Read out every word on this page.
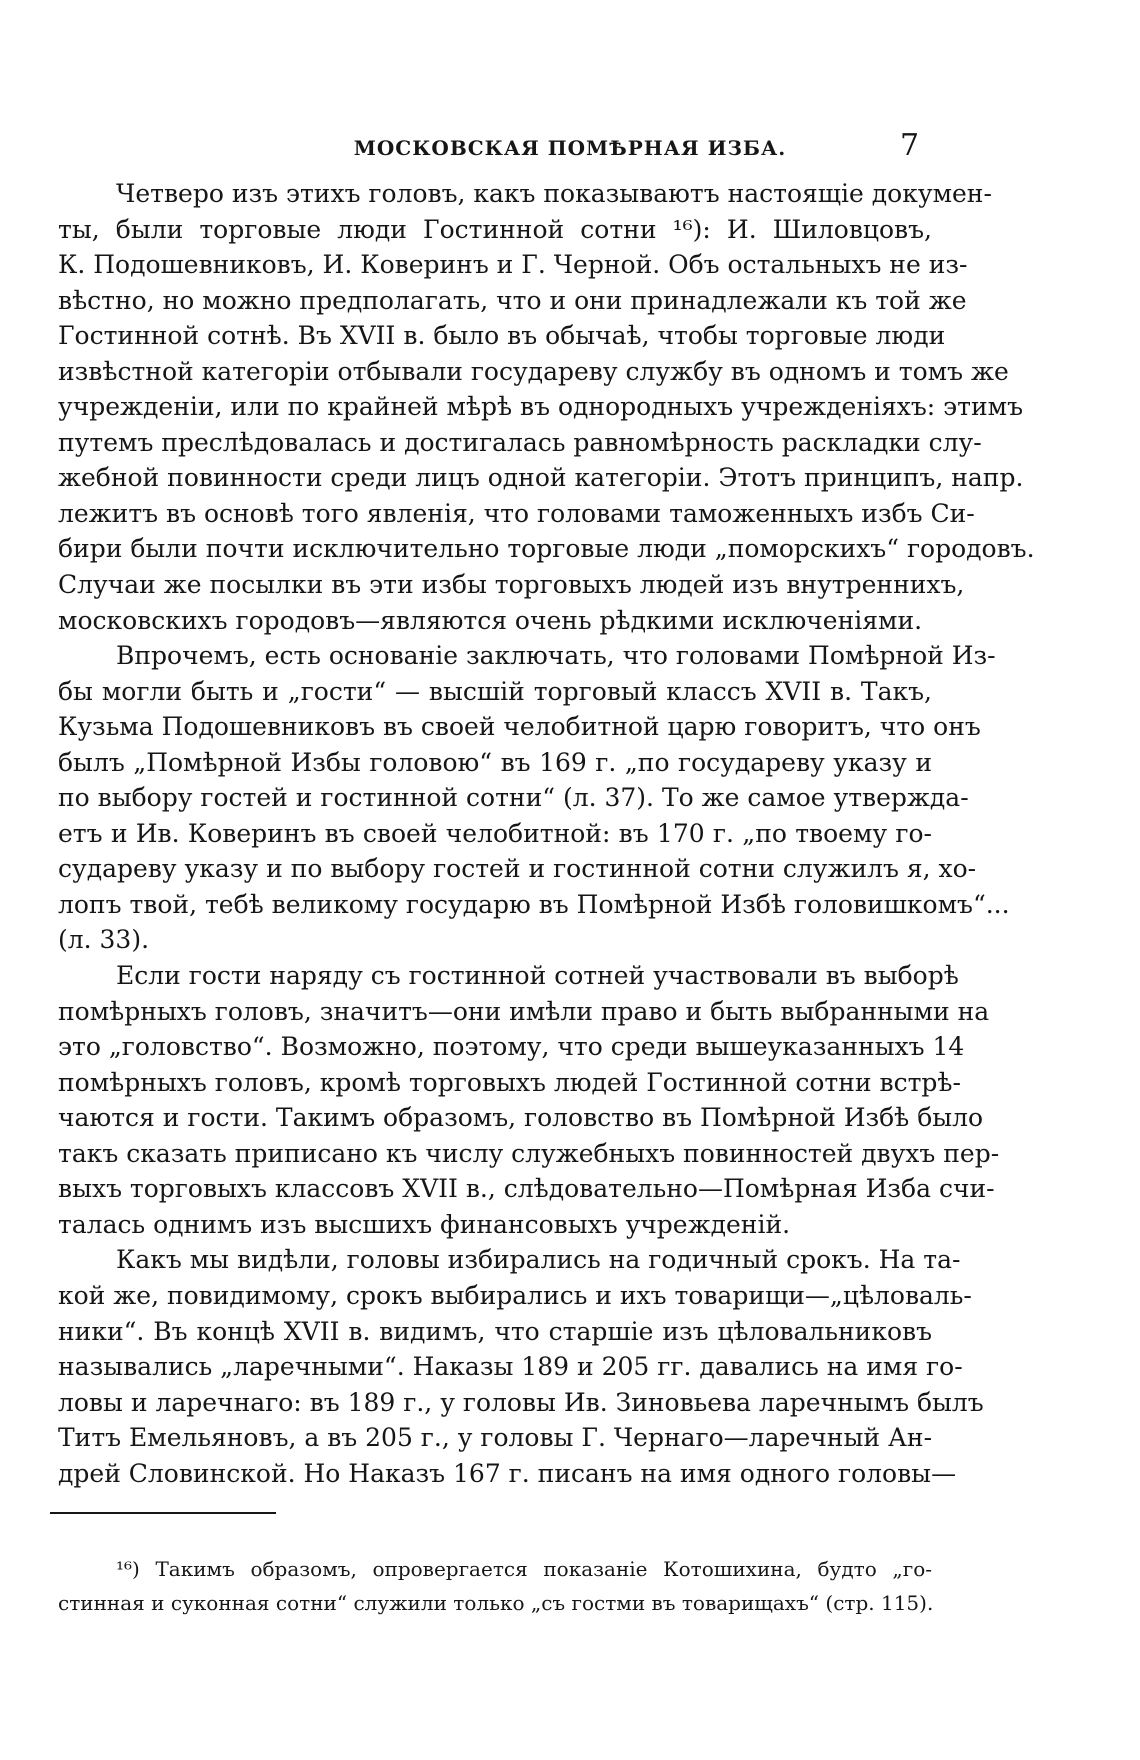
МОСКОВСКАЯ ПОМѢРНАЯ ИЗБА.	7
Четверо изъ этихъ головъ, какъ показываютъ настоящіе докумен-
ты, были торговые люди Гостинной сотни ¹⁶): И. Шиловцовъ,
К. Подошевниковъ, И. Коверинъ и Г. Черной. Объ остальныхъ не из-
вѣстно, но можно предполагать, что и они принадлежали къ той же
Гостинной сотнѣ. Въ XVII в. было въ обычаѣ, чтобы торговые люди
извѣстной категоріи отбывали государеву службу въ одномъ и томъ же
учрежденіи, или по крайней мѣрѣ въ однородныхъ учрежденіяхъ: этимъ
путемъ преслѣдовалась и достигалась равномѣрность раскладки слу-
жебной повинности среди лицъ одной категоріи. Этотъ принципъ, напр.
лежитъ въ основѣ того явленія, что головами таможенныхъ избъ Си-
бири были почти исключительно торговые люди „поморскихъ“ городовъ.
Случаи же посылки въ эти избы торговыхъ людей изъ внутреннихъ,
московскихъ городовъ—являются очень рѣдкими исключеніями.
Впрочемъ, есть основаніе заключать, что головами Помѣрной Из-
бы могли быть и „гости“ — высшій торговый классъ XVII в. Такъ,
Кузьма Подошевниковъ въ своей челобитной царю говоритъ, что онъ
былъ „Помѣрной Избы головою“ въ 169 г. „по государеву указу и
по выбору гостей и гостинной сотни“ (л. 37). То же самое утвержда-
етъ и Ив. Коверинъ въ своей челобитной: въ 170 г. „по твоему го-
судареву указу и по выбору гостей и гостинной сотни служилъ я, хо-
лопъ твой, тебѣ великому государю въ Помѣрной Избѣ головишкомъ“...
(л. 33).
Если гости наряду съ гостинной сотней участвовали въ выборѣ
помѣрныхъ головъ, значитъ—они имѣли право и быть выбранными на
это „головство“. Возможно, поэтому, что среди вышеуказанныхъ 14
помѣрныхъ головъ, кромѣ торговыхъ людей Гостинной сотни встрѣ-
чаются и гости. Такимъ образомъ, головство въ Помѣрной Избѣ было
такъ сказать приписано къ числу служебныхъ повинностей двухъ пер-
выхъ торговыхъ классовъ XVII в., слѣдовательно—Помѣрная Изба счи-
талась однимъ изъ высшихъ финансовыхъ учрежденій.
Какъ мы видѣли, головы избирались на годичный срокъ. На та-
кой же, повидимому, срокъ выбирались и ихъ товарищи—„цѣловаль-
ники“. Въ концѣ XVII в. видимъ, что старшіе изъ цѣловальниковъ
назывались „ларечными“. Наказы 189 и 205 гг. давались на имя го-
ловы и ларечнаго: въ 189 г., у головы Ив. Зиновьева ларечнымъ былъ
Титъ Емельяновъ, а въ 205 г., у головы Г. Чернаго—ларечный Ан-
дрей Словинской. Но Наказъ 167 г. писанъ на имя одного головы—
¹⁶) Такимъ образомъ, опровергается показаніе Котошихина, будто „го-
стинная и суконная сотни“ служили только „съ гостми въ товарищахъ“ (стр. 115).
